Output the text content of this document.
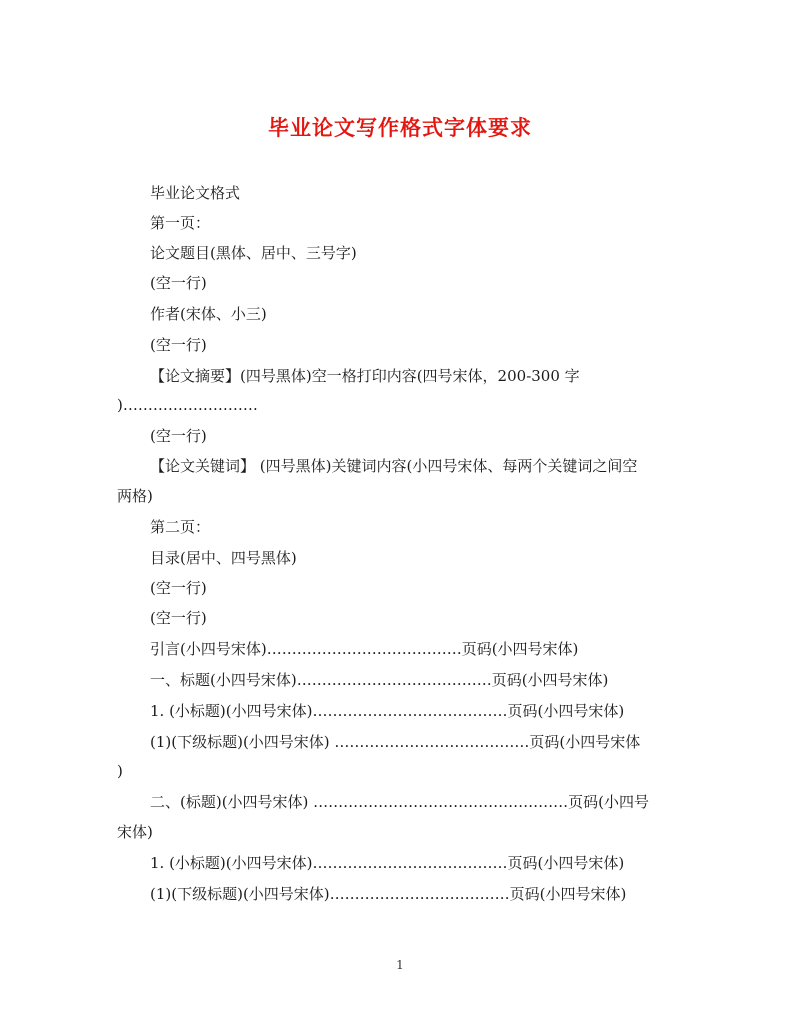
毕业论文写作格式字体要求
毕业论文格式
第一页：
论文题目(黑体、居中、三号字)
(空一行)
作者(宋体、小三)
(空一行)
【论文摘要】(四号黑体)空一格打印内容(四号宋体，200-300 字
)………………………
(空一行)
【论文关键词】 (四号黑体)关键词内容(小四号宋体、每两个关键词之间空
两格)
第二页：
目录(居中、四号黑体)
(空一行)
(空一行)
引言(小四号宋体)…………………………………页码(小四号宋体)
一、标题(小四号宋体)…………………………………页码(小四号宋体)
1. (小标题)(小四号宋体)…………………………………页码(小四号宋体)
(1)(下级标题)(小四号宋体) …………………………………页码(小四号宋体
)
二、(标题)(小四号宋体) ……………………………………………页码(小四号
宋体)
1. (小标题)(小四号宋体)…………………………………页码(小四号宋体)
(1)(下级标题)(小四号宋体)………………………………页码(小四号宋体)
1
